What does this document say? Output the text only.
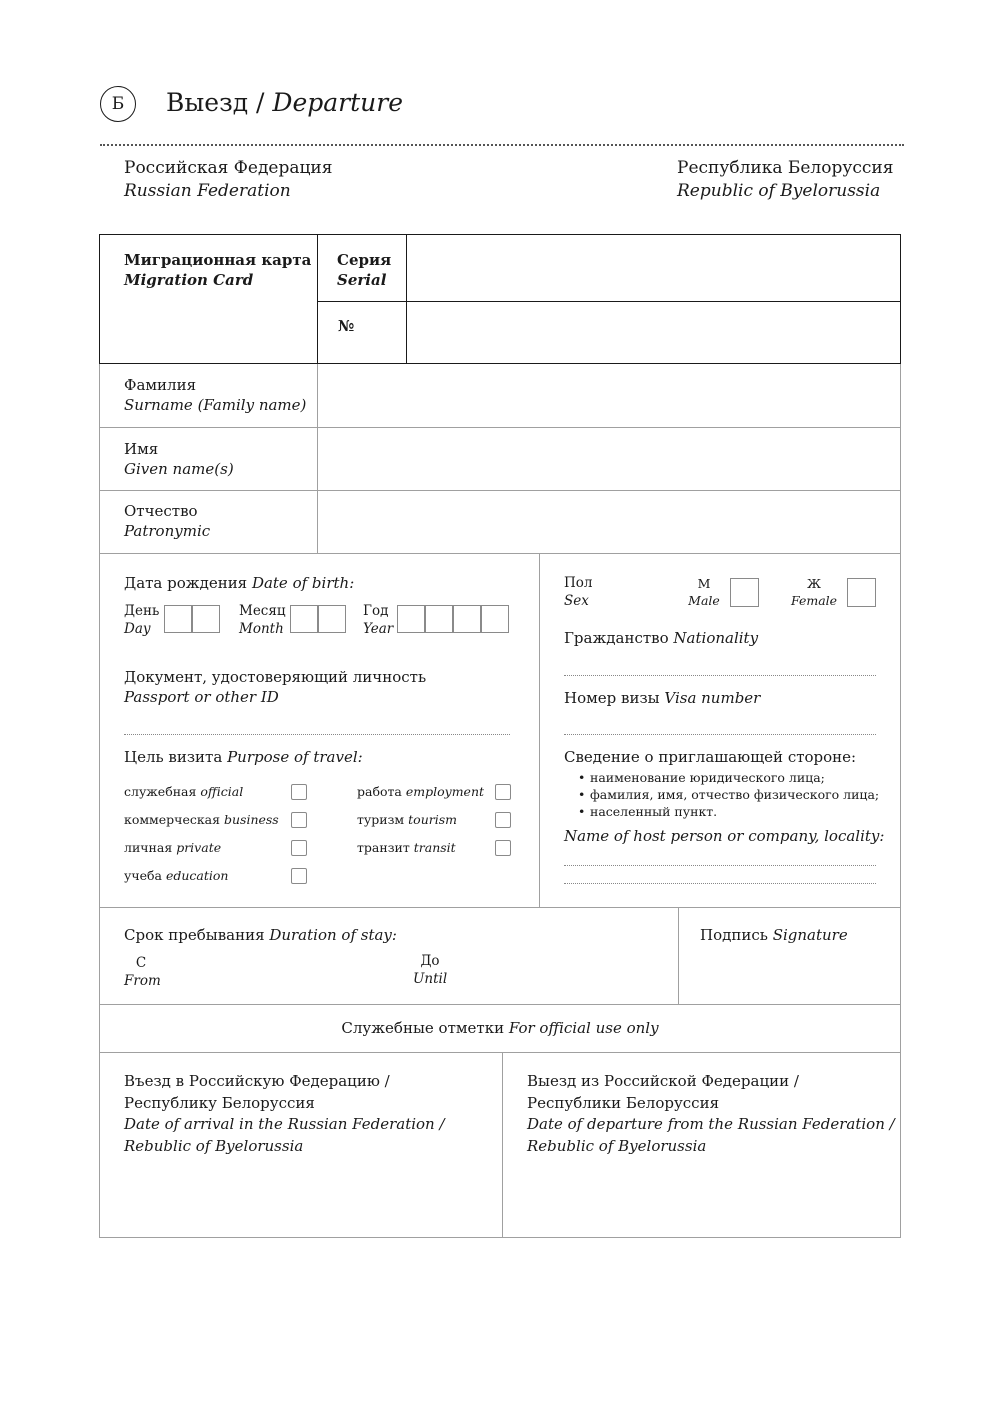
Б Выезд / Departure
Российская Федерация
Russian Federation
Республика Белоруссия
Republic of Byelorussia
Миграционная карта
Migration Card
Серия
Serial
№
Фамилия
Surname (Family name)
Имя
Given name(s)
Отчество
Patronymic
Дата рождения Date of birth:
День
Day
Месяц
Month
Год
Year
Документ, удостоверяющий личность
Passport or other ID
Цель визита Purpose of travel:
служебная official
коммерческая business
личная private
учеба education
работа employment
туризм tourism
транзит transit
Пол
Sex
М
Male
Ж
Female
Гражданство Nationality
Номер визы Visa number
Сведение о приглашающей стороне:
• наименование юридического лица;
• фамилия, имя, отчество физического лица;
• населенный пункт.
Name of host person or company, locality:
Срок пребывания Duration of stay:
С
From
До
Until
Подпись Signature
Служебные отметки For official use only
Въезд в Российскую Федерацию /
Республику Белоруссия
Date of arrival in the Russian Federation /
Rebublic of Byelorussia
Выезд из Российской Федерации /
Республики Белоруссия
Date of departure from the Russian Federation /
Rebublic of Byelorussia
